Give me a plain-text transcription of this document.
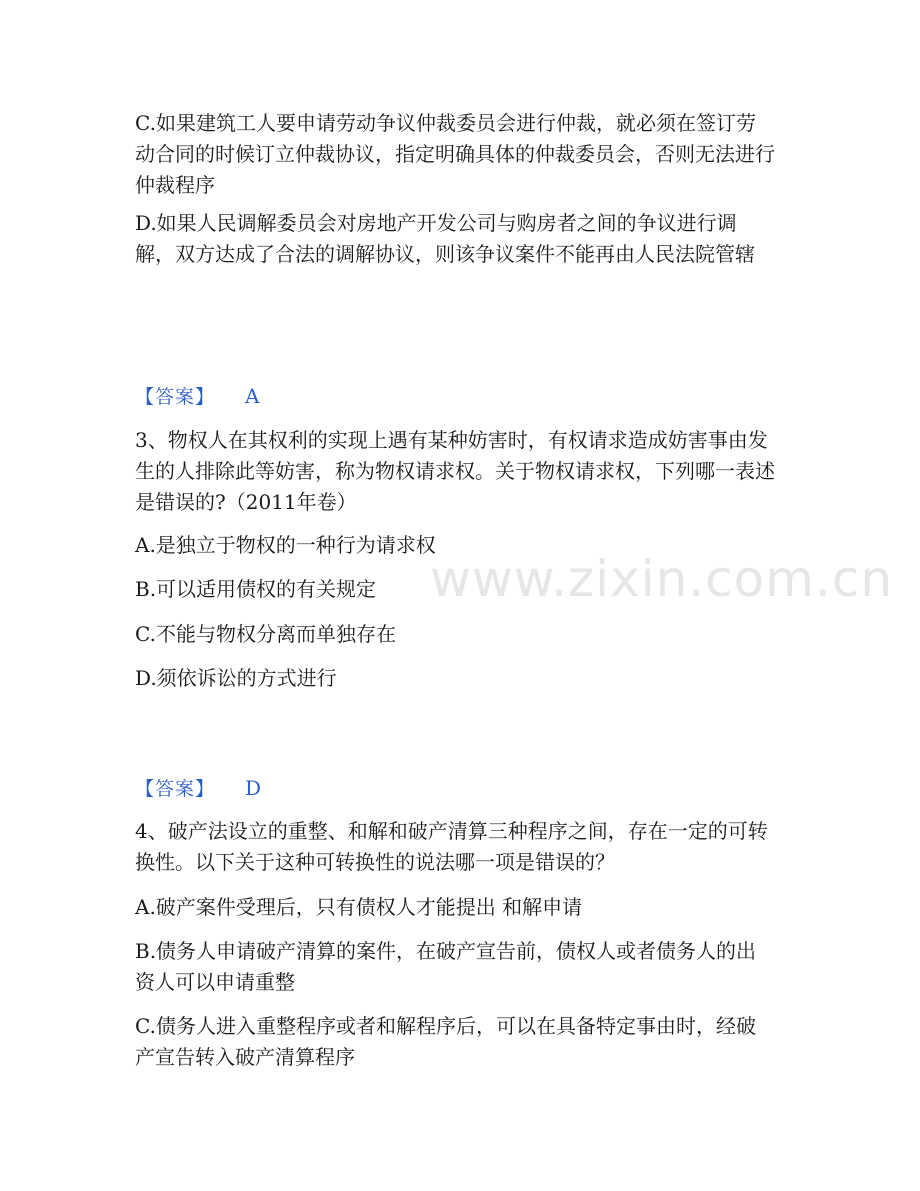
www.zixin.com.cn

C.如果建筑工人要申请劳动争议仲裁委员会进行仲裁，就必须在签订劳动合同的时候订立仲裁协议，指定明确具体的仲裁委员会，否则无法进行仲裁程序

D.如果人民调解委员会对房地产开发公司与购房者之间的争议进行调解，双方达成了合法的调解协议，则该争议案件不能再由人民法院管辖

【答案】 A

3、物权人在其权利的实现上遇有某种妨害时，有权请求造成妨害事由发生的人排除此等妨害，称为物权请求权。关于物权请求权，下列哪一表述是错误的?（2011年卷）

A.是独立于物权的一种行为请求权

B.可以适用债权的有关规定

C.不能与物权分离而单独存在

D.须依诉讼的方式进行

【答案】 D

4、破产法设立的重整、和解和破产清算三种程序之间，存在一定的可转换性。以下关于这种可转换性的说法哪一项是错误的？

A.破产案件受理后，只有债权人才能提出 和解申请

B.债务人申请破产清算的案件，在破产宣告前，债权人或者债务人的出资人可以申请重整

C.债务人进入重整程序或者和解程序后，可以在具备特定事由时，经破产宣告转入破产清算程序
